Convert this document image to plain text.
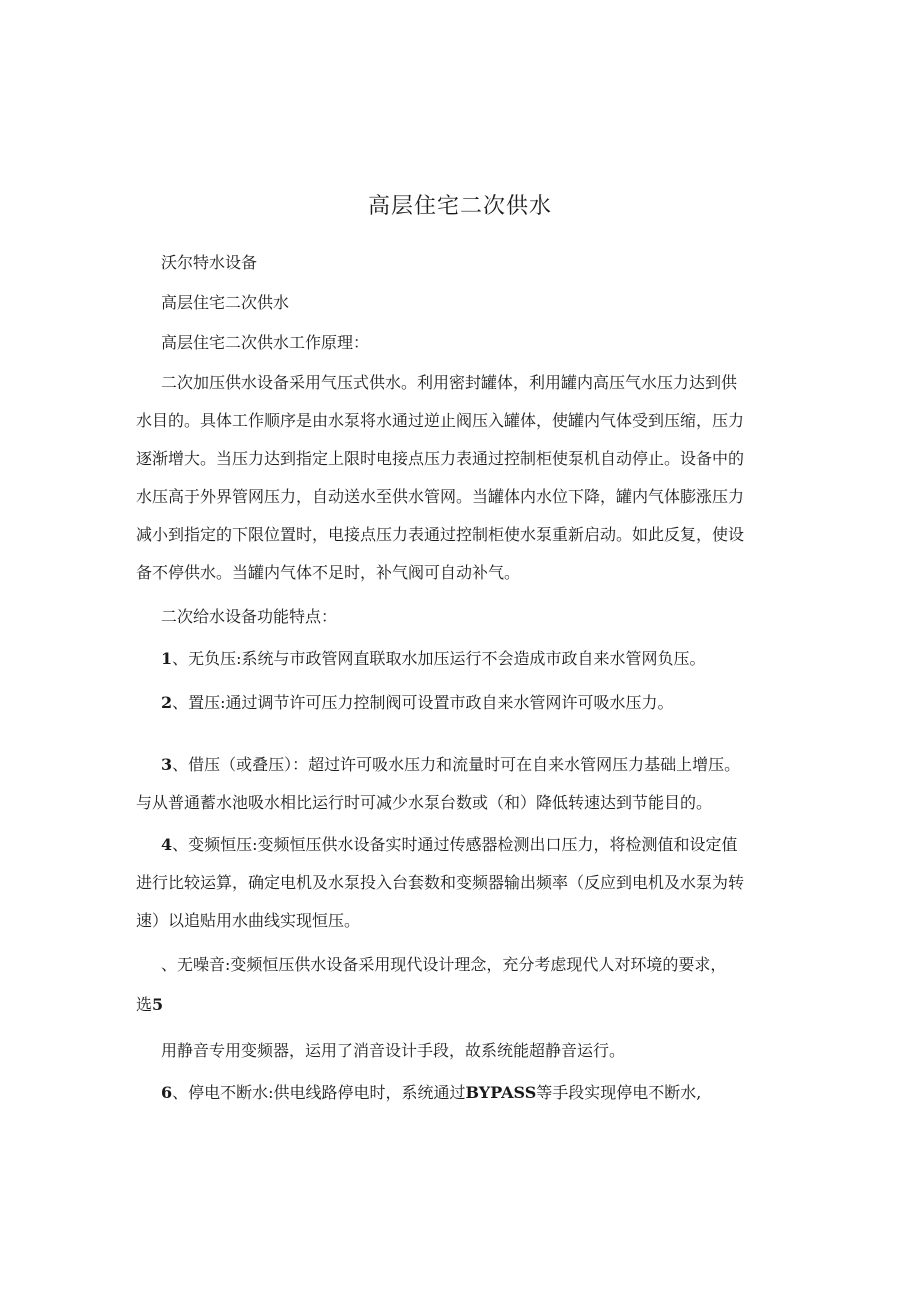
高层住宅二次供水
沃尔特水设备
高层住宅二次供水
高层住宅二次供水工作原理：
二次加压供水设备采用气压式供水。利用密封罐体，利用罐内高压气水压力达到供
水目的。具体工作顺序是由水泵将水通过逆止阀压入罐体，使罐内气体受到压缩，压力
逐渐增大。当压力达到指定上限时电接点压力表通过控制柜使泵机自动停止。设备中的
水压高于外界管网压力，自动送水至供水管网。当罐体内水位下降，罐内气体膨涨压力
减小到指定的下限位置时，电接点压力表通过控制柜使水泵重新启动。如此反复，使设
备不停供水。当罐内气体不足时，补气阀可自动补气。
二次给水设备功能特点：
1、无负压:系统与市政管网直联取水加压运行不会造成市政自来水管网负压。
2、置压:通过调节许可压力控制阀可设置市政自来水管网许可吸水压力。
3、借压（或叠压）：超过许可吸水压力和流量时可在自来水管网压力基础上增压。
与从普通蓄水池吸水相比运行时可减少水泵台数或（和）降低转速达到节能目的。
4、变频恒压:变频恒压供水设备实时通过传感器检测出口压力，将检测值和设定值
进行比较运算，确定电机及水泵投入台套数和变频器输出频率（反应到电机及水泵为转
速）以追贴用水曲线实现恒压。
、无噪音:变频恒压供水设备采用现代设计理念，充分考虑现代人对环境的要求，
选5
用静音专用变频器，运用了消音设计手段，故系统能超静音运行。
6、停电不断水:供电线路停电时，系统通过BYPASS等手段实现停电不断水,
